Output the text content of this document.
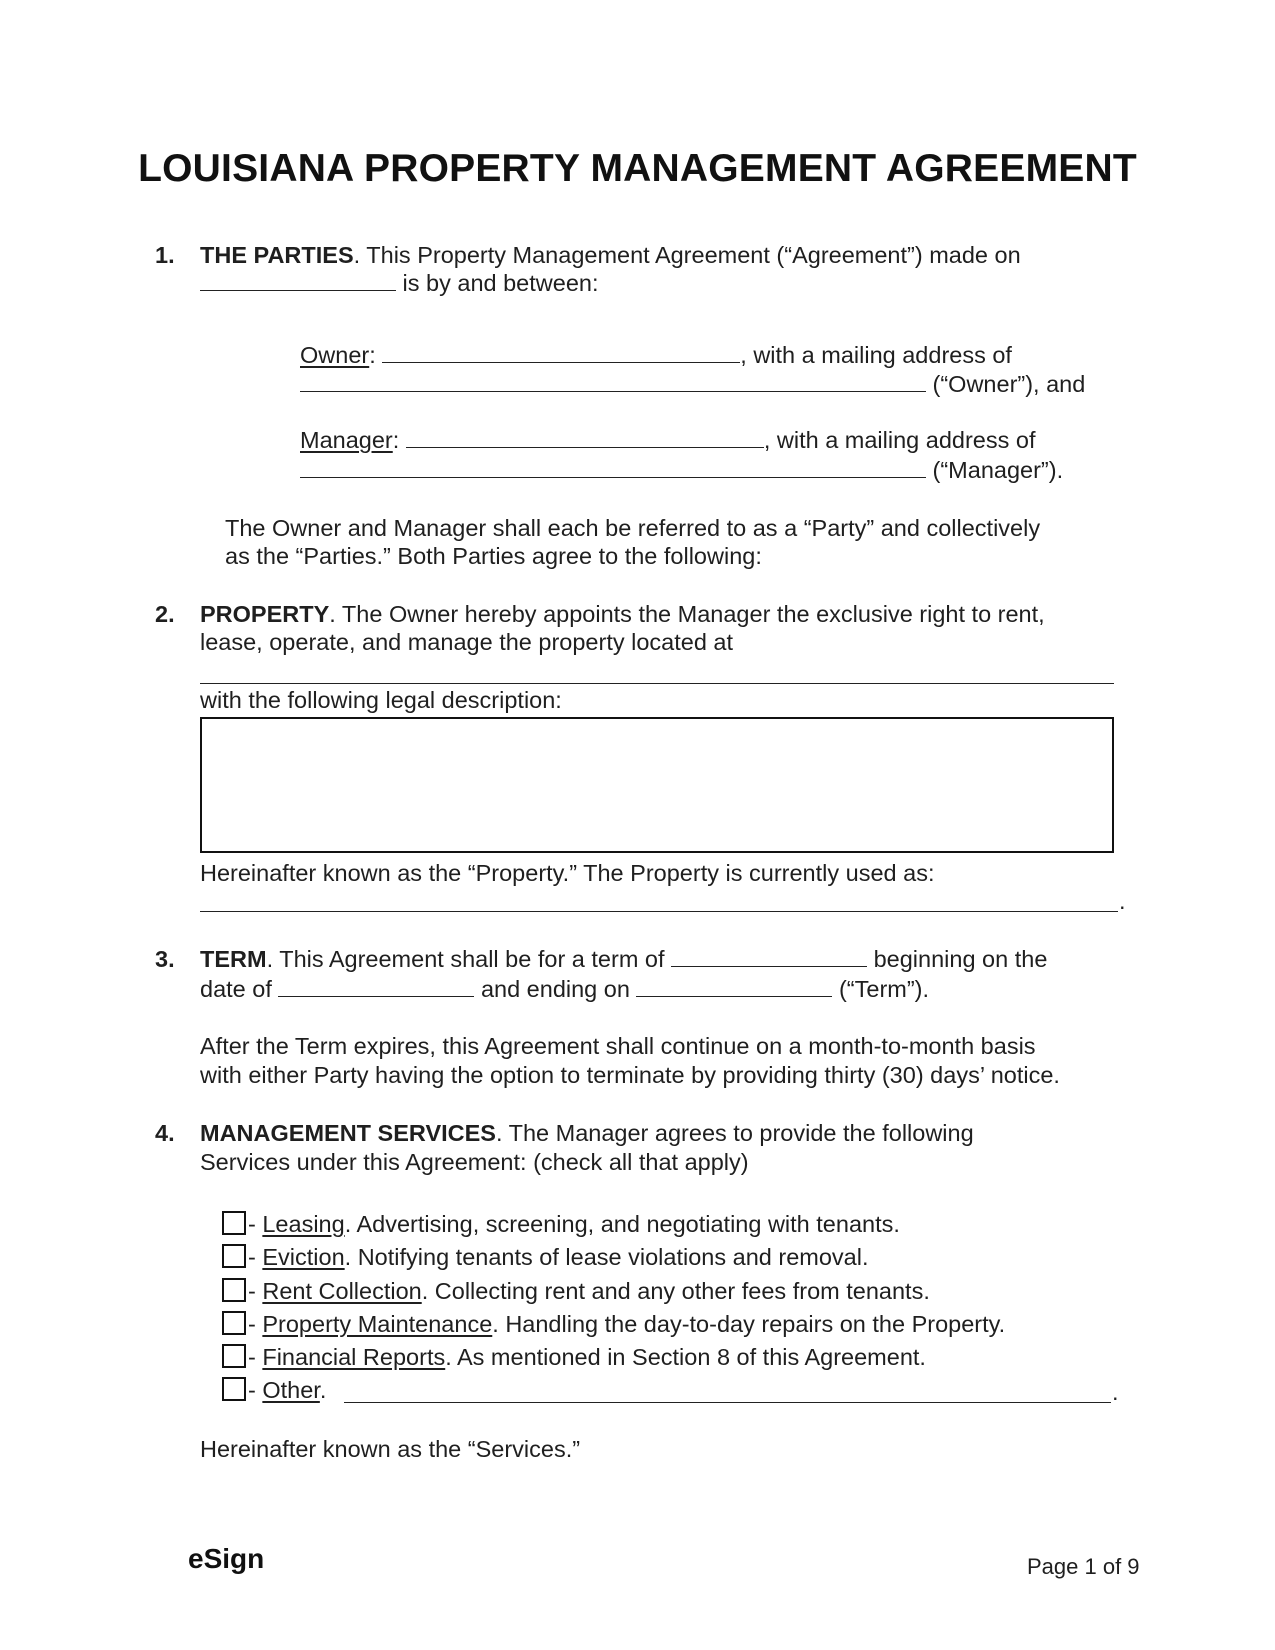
LOUISIANA PROPERTY MANAGEMENT AGREEMENT
1. THE PARTIES. This Property Management Agreement (“Agreement”) made on
is by and between:
Owner:	, with a mailing address of
(“Owner”), and
Manager:	, with a mailing address of
(“Manager”).
The Owner and Manager shall each be referred to as a “Party” and collectively
as the “Parties.” Both Parties agree to the following:
2. PROPERTY. The Owner hereby appoints the Manager the exclusive right to rent,
lease, operate, and manage the property located at
with the following legal description:
Hereinafter known as the “Property.” The Property is currently used as:
.
3. TERM. This Agreement shall be for a term of	beginning on the
date of	and ending on	(“Term”).
After the Term expires, this Agreement shall continue on a month-to-month basis
with either Party having the option to terminate by providing thirty (30) days’ notice.
4. MANAGEMENT SERVICES. The Manager agrees to provide the following
Services under this Agreement: (check all that apply)
- Leasing. Advertising, screening, and negotiating with tenants.
- Eviction. Notifying tenants of lease violations and removal.
- Rent Collection. Collecting rent and any other fees from tenants.
- Property Maintenance. Handling the day-to-day repairs on the Property.
- Financial Reports. As mentioned in Section 8 of this Agreement.
- Other.	.
Hereinafter known as the “Services.”
eSign	Page 1 of 9
